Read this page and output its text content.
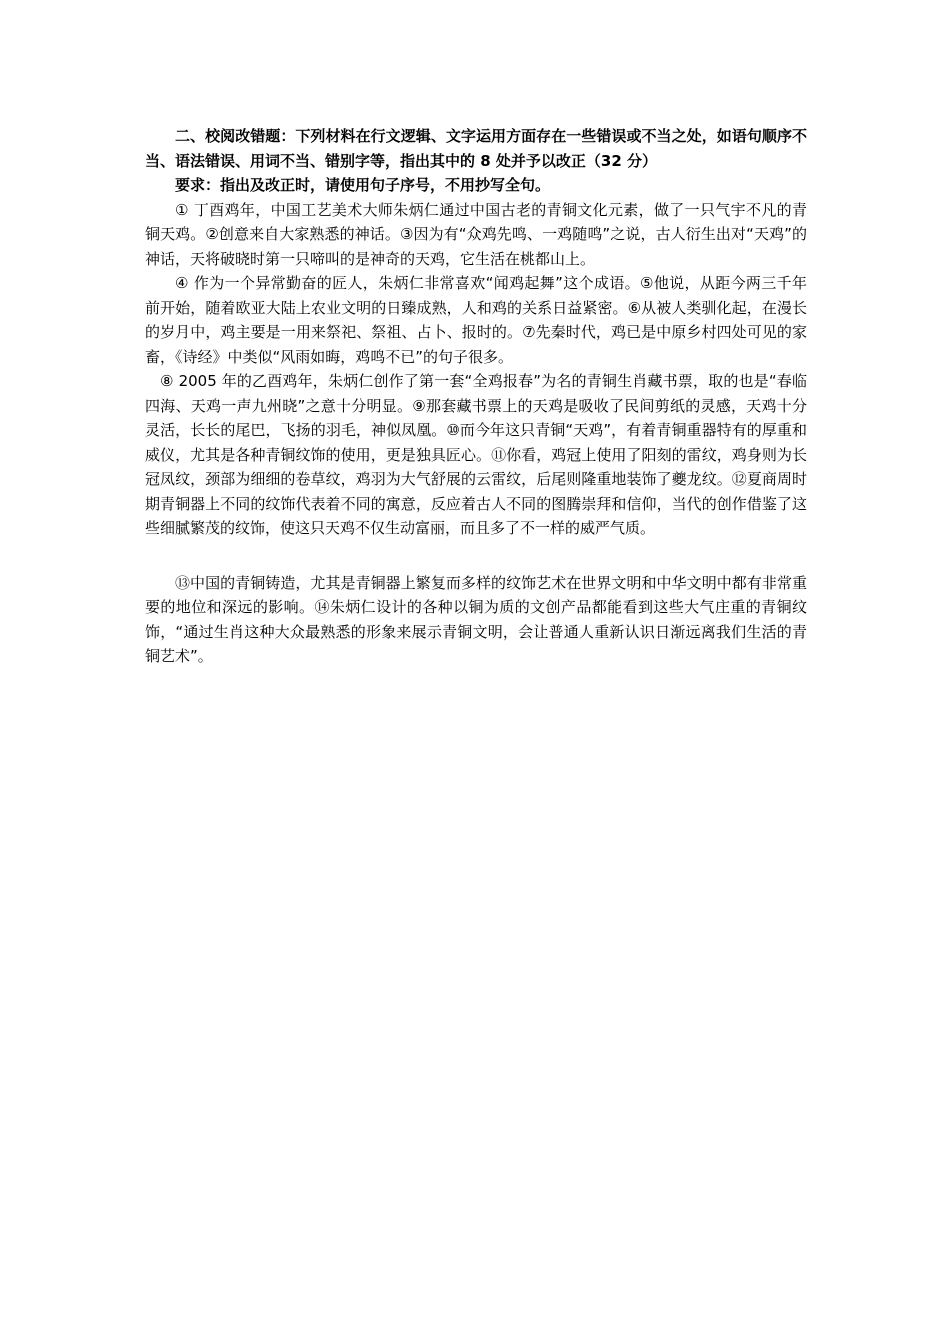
二、校阅改错题：下列材料在行文逻辑、文字运用方面存在一些错误或不当之处，如语句顺序不当、语法错误、用词不当、错别字等，指出其中的 8 处并予以改正（32 分）

要求：指出及改正时，请使用句子序号，不用抄写全句。

① 丁酉鸡年，中国工艺美术大师朱炳仁通过中国古老的青铜文化元素，做了一只气宇不凡的青铜天鸡。②创意来自大家熟悉的神话。③因为有“众鸡先鸣、一鸡随鸣”之说，古人衍生出对“天鸡”的神话，天将破晓时第一只啼叫的是神奇的天鸡，它生活在桃都山上。

④ 作为一个异常勤奋的匠人，朱炳仁非常喜欢“闻鸡起舞”这个成语。⑤他说，从距今两三千年前开始，随着欧亚大陆上农业文明的日臻成熟，人和鸡的关系日益紧密。⑥从被人类驯化起，在漫长的岁月中，鸡主要是一用来祭祀、祭祖、占卜、报时的。⑦先秦时代，鸡已是中原乡村四处可见的家畜，《诗经》中类似“风雨如晦，鸡鸣不已”的句子很多。

⑧ 2005 年的乙酉鸡年，朱炳仁创作了第一套“全鸡报春”为名的青铜生肖藏书票，取的也是“春临四海、天鸡一声九州晓”之意十分明显。⑨那套藏书票上的天鸡是吸收了民间剪纸的灵感，天鸡十分灵活，长长的尾巴，飞扬的羽毛，神似凤凰。⑩而今年这只青铜“天鸡”，有着青铜重器特有的厚重和威仪，尤其是各种青铜纹饰的使用，更是独具匠心。⑪你看，鸡冠上使用了阳刻的雷纹，鸡身则为长冠凤纹，颈部为细细的卷草纹，鸡羽为大气舒展的云雷纹，后尾则隆重地装饰了夔龙纹。⑫夏商周时期青铜器上不同的纹饰代表着不同的寓意，反应着古人不同的图腾崇拜和信仰，当代的创作借鉴了这些细腻繁茂的纹饰，使这只天鸡不仅生动富丽，而且多了不一样的威严气质。

⑬中国的青铜铸造，尤其是青铜器上繁复而多样的纹饰艺术在世界文明和中华文明中都有非常重要的地位和深远的影响。⑭朱炳仁设计的各种以铜为质的文创产品都能看到这些大气庄重的青铜纹饰，“通过生肖这种大众最熟悉的形象来展示青铜文明，会让普通人重新认识日渐远离我们生活的青铜艺术”。
